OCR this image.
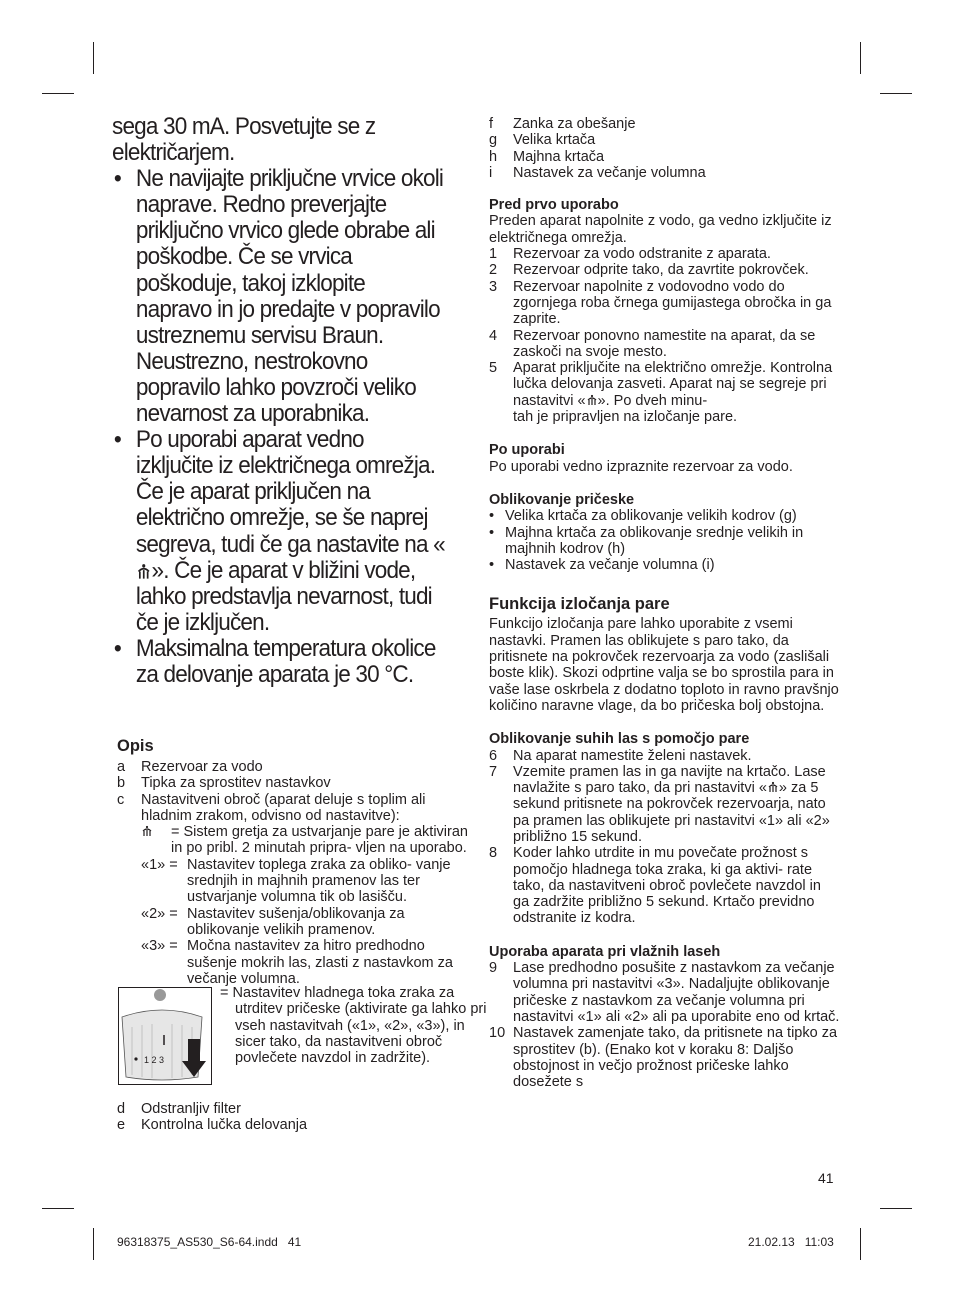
sega 30 mA. Posvetujte se z električarjem.

• Ne navijajte priključne vrvice okoli naprave. Redno preverjajte priključno vrvico glede obrabe ali poškodbe. Če se vrvica poškoduje, takoj izklopite napravo in jo predajte v popravilo ustreznemu servisu Braun. Neustrezno, nestrokovno popravilo lahko povzroči veliko nevarnost za uporabnika.

• Po uporabi aparat vedno izključite iz električnega omrežja. Če je aparat priključen na električno omrežje, se še naprej segreva, tudi če ga nastavite na «». Če je aparat v bližini vode, lahko predstavlja nevarnost, tudi če je izključen.

• Maksimalna temperatura okolice za delovanje aparata je 30 °C.

Opis

a Rezervoar za vodo
b Tipka za sprostitev nastavkov
c Nastavitveni obroč (aparat deluje s toplim ali hladnim zrakom, odvisno od nastavitve):
= Sistem gretja za ustvarjanje pare je aktiviran in po pribl. 2 minutah pripra- vljen na uporabo.
«1» = Nastavitev toplega zraka za obliko- vanje srednjih in majhnih pramenov las ter ustvarjanje volumna tik ob lasišču.
«2» = Nastavitev sušenja/oblikovanja za oblikovanje velikih pramenov.
«3» = Močna nastavitev za hitro predhodno sušenje mokrih las, zlasti z nastavkom za večanje volumna.
1 2 3
= Nastavitev hladnega toka zraka za utrditev pričeske (aktivirate ga lahko pri vseh nastavitvah («1», «2», «3»), in sicer tako, da nastavitveni obroč povlečete navzdol in zadržite).
d Odstranljiv filter
e Kontrolna lučka delovanja
f Zanka za obešanje
g Velika krtača
h Majhna krtača
i Nastavek za večanje volumna

Pred prvo uporabo

Preden aparat napolnite z vodo, ga vedno izključite iz električnega omrežja.

1 Rezervoar za vodo odstranite z aparata.
2 Rezervoar odprite tako, da zavrtite pokrovček.
3 Rezervoar napolnite z vodovodno vodo do zgornjega roba črnega gumijastega obročka in ga zaprite.
4 Rezervoar ponovno namestite na aparat, da se zaskoči na svoje mesto.
5 Aparat priključite na električno omrežje. Kontrolna lučka delovanja zasveti. Aparat naj se segreje pri nastavitvi « ». Po dveh minu-
tah je pripravljen na izločanje pare.

Po uporabi

Po uporabi vedno izpraznite rezervoar za vodo.

Oblikovanje pričeske

• Velika krtača za oblikovanje velikih kodrov (g)
• Majhna krtača za oblikovanje srednje velikih in majhnih kodrov (h)
• Nastavek za večanje volumna (i)

Funkcija izločanja pare

Funkcijo izločanja pare lahko uporabite z vsemi nastavki. Pramen las oblikujete s paro tako, da pritisnete na pokrovček rezervoarja za vodo (zaslišali boste klik). Skozi odprtine valja se bo sprostila para in vaše lase oskrbela z dodatno toploto in ravno pravšnjo količino naravne vlage, da bo pričeska bolj obstojna.

Oblikovanje suhih las s pomočjo pare

6 Na aparat namestite želeni nastavek.
7 Vzemite pramen las in ga navijte na krtačo. Lase navlažite s paro tako, da pri nastavitvi « » za 5 sekund pritisnete na pokrovček rezervoarja, nato pa pramen las oblikujete pri nastavitvi «1» ali «2» približno 15 sekund.
8 Koder lahko utrdite in mu povečate prožnost s pomočjo hladnega toka zraka, ki ga aktivi- rate tako, da nastavitveni obroč povlečete navzdol in ga zadržite približno 5 sekund. Krtačo previdno odstranite iz kodra.

Uporaba aparata pri vlažnih laseh

9 Lase predhodno posušite z nastavkom za večanje volumna pri nastavitvi «3». Nadaljujte oblikovanje pričeske z nastavkom za večanje volumna pri nastavitvi «1» ali «2» ali pa uporabite eno od krtač.
10 Nastavek zamenjate tako, da pritisnete na tipko za sprostitev (b). (Enako kot v koraku 8: Daljšo obstojnost in večjo prožnost pričeske lahko dosežete s
41
96318375_AS530_S6-64.indd   41	21.02.13   11:03
